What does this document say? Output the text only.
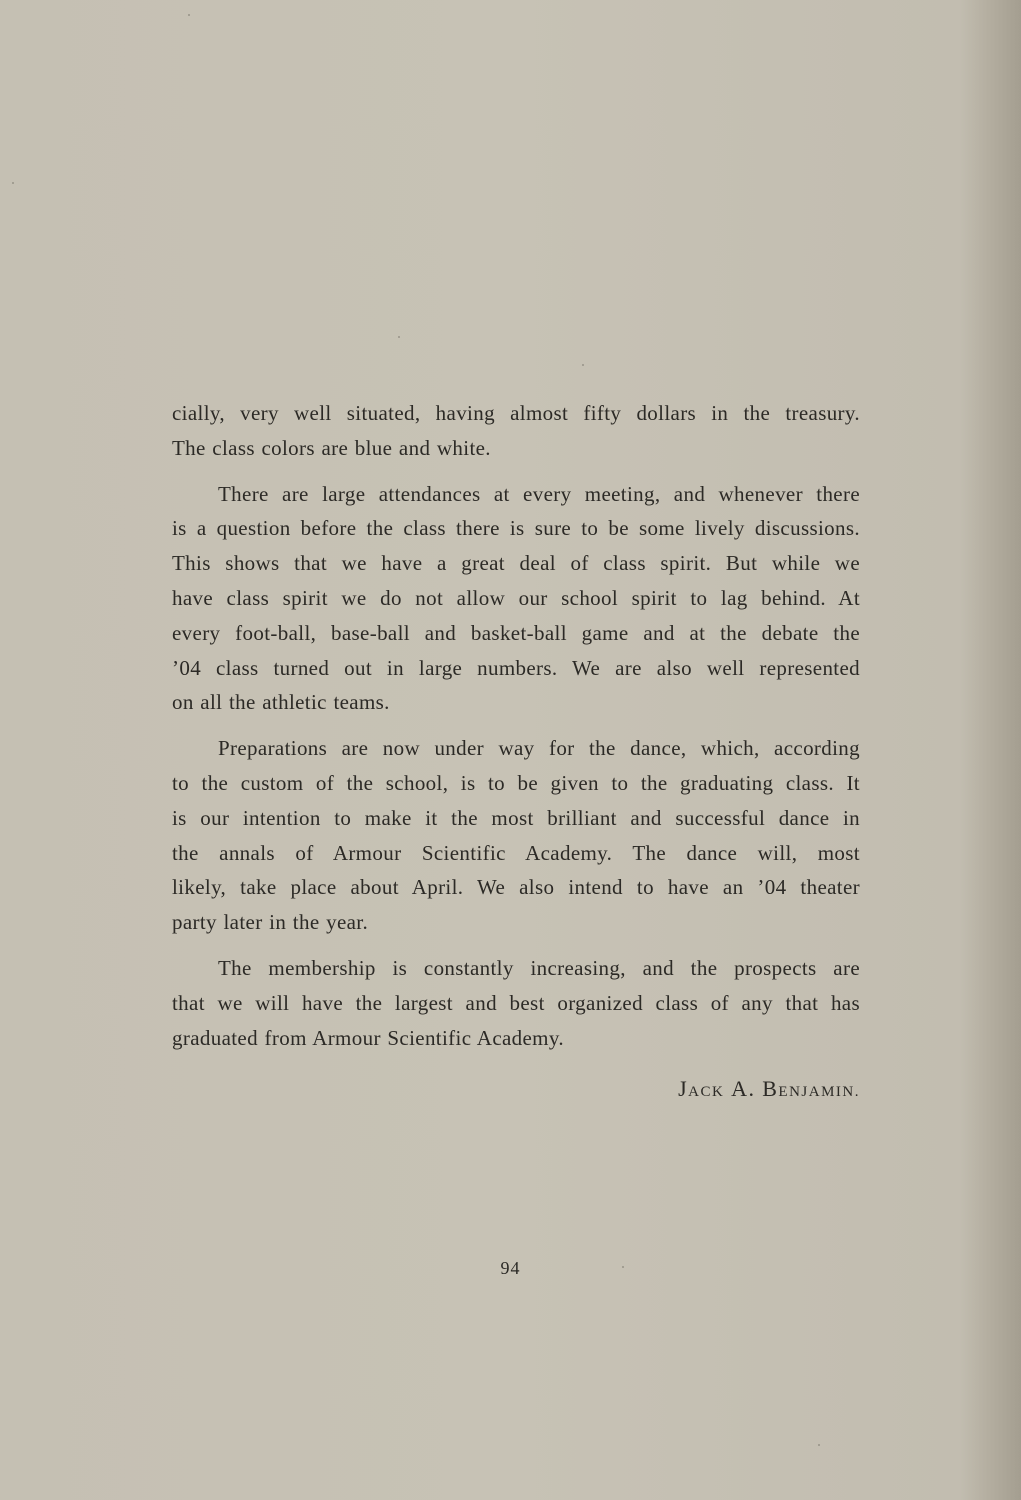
cially, very well situated, having almost fifty dollars in the treasury.
The class colors are blue and white.
There are large attendances at every meeting, and whenever there
is a question before the class there is sure to be some lively discussions.
This shows that we have a great deal of class spirit. But while we
have class spirit we do not allow our school spirit to lag behind. At
every foot-ball, base-ball and basket-ball game and at the debate the
’04 class turned out in large numbers. We are also well represented
on all the athletic teams.
Preparations are now under way for the dance, which, according
to the custom of the school, is to be given to the graduating class. It
is our intention to make it the most brilliant and successful dance in
the annals of Armour Scientific Academy. The dance will, most
likely, take place about April. We also intend to have an ’04 theater
party later in the year.
The membership is constantly increasing, and the prospects are
that we will have the largest and best organized class of any that has
graduated from Armour Scientific Academy.
JACK A. BENJAMIN.
94
